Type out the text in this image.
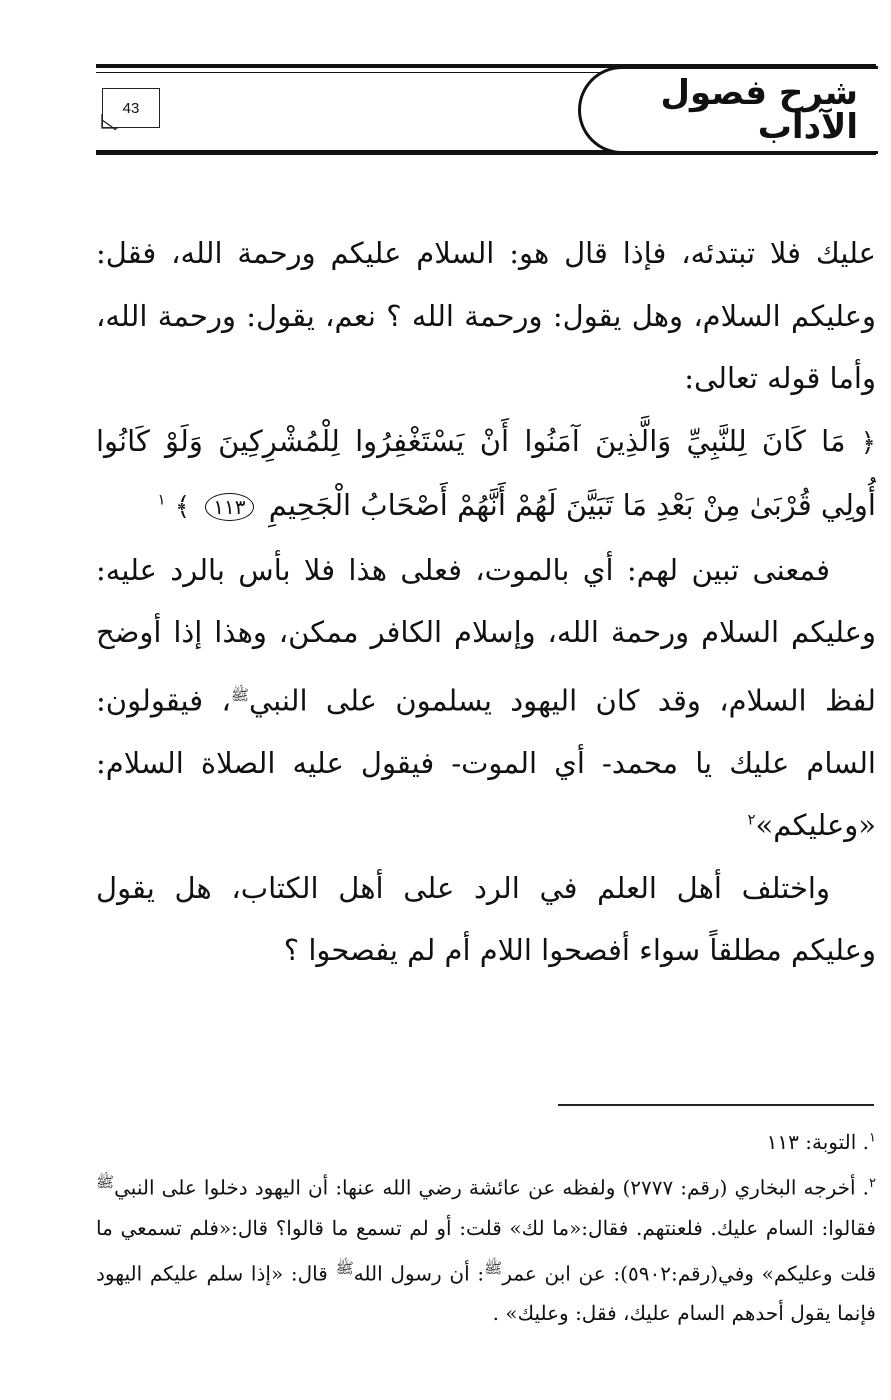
شرح فصول الآداب
43

عليك فلا تبتدئه، فإذا قال هو: السلام عليكم ورحمة الله، فقل: وعليكم السلام، وهل يقول: ورحمة الله ؟ نعم، يقول: ورحمة الله، وأما قوله تعالى:

﴿ مَا كَانَ لِلنَّبِيِّ وَالَّذِينَ آمَنُوا أَنْ يَسْتَغْفِرُوا لِلْمُشْرِكِينَ وَلَوْ كَانُوا أُولِي قُرْبَىٰ مِنْ بَعْدِ مَا تَبَيَّنَ لَهُمْ أَنَّهُمْ أَصْحَابُ الْجَحِيمِ ١١٣ ﴾ $^١$

فمعنى تبين لهم: أي بالموت، فعلى هذا فلا بأس بالرد عليه: وعليكم السلام ورحمة الله، وإسلام الكافر ممكن، وهذا إذا أوضح لفظ السلام، وقد كان اليهود يسلمون على النبي$^ﷺ$، فيقولون: السام عليك يا محمد- أي الموت- فيقول عليه الصلاة السلام: «وعليكم»$^٢$

واختلف أهل العلم في الرد على أهل الكتاب، هل يقول وعليكم مطلقاً سواء أفصحوا اللام أم لم يفصحوا ؟

$^١$. التوبة: ١١٣

$^٢$. أخرجه البخاري (رقم: ٢٧٧٧) ولفظه عن عائشة رضي الله عنها: أن اليهود دخلوا على النبي$^ﷺ$ فقالوا: السام عليك. فلعنتهم. فقال:«ما لك» قلت: أو لم تسمع ما قالوا؟ قال:«فلم تسمعي ما قلت وعليكم» وفي(رقم:٥٩٠٢): عن ابن عمر$^ﷺ$: أن رسول الله$^ﷺ$ قال: «إذا سلم عليكم اليهود فإنما يقول أحدهم السام عليك، فقل: وعليك» .
